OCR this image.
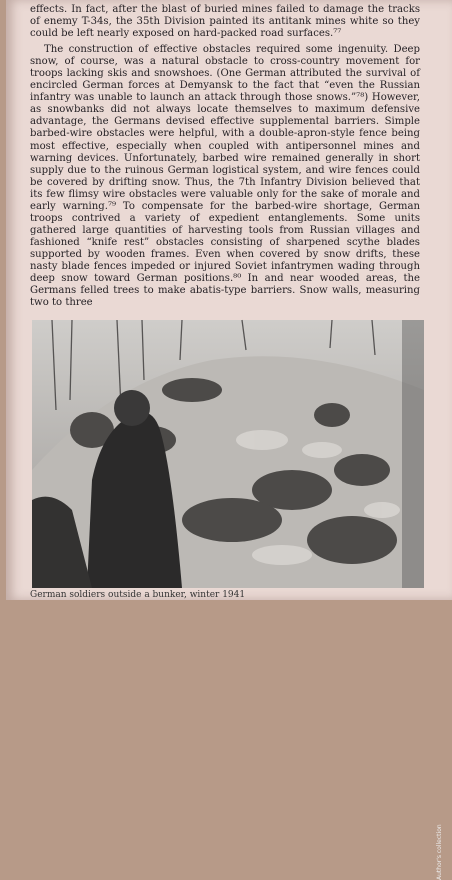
effects. In fact, after the blast of buried mines failed to damage the tracks of enemy T-34s, the 35th Division painted its antitank mines white so they could be left nearly exposed on hard-packed road surfaces.⁷⁷

The construction of effective obstacles required some ingenuity. Deep snow, of course, was a natural obstacle to cross-country movement for troops lacking skis and snowshoes. (One German attributed the survival of encircled German forces at Demyansk to the fact that “even the Russian infantry was unable to launch an attack through those snows.”⁷⁸) However, as snowbanks did not always locate themselves to maximum defensive advantage, the Germans devised effective supplemental barriers. Simple barbed-wire obstacles were helpful, with a double-apron-style fence being most effective, especially when coupled with antipersonnel mines and warning devices. Unfortunately, barbed wire remained generally in short supply due to the ruinous German logistical system, and wire fences could be covered by drifting snow. Thus, the 7th Infantry Division believed that its few flimsy wire obstacles were valuable only for the sake of morale and early warning.⁷⁹ To compensate for the barbed-wire shortage, German troops contrived a variety of expedient entanglements. Some units gathered large quantities of harvesting tools from Russian villages and fashioned “knife rest” obstacles consisting of sharpened scythe blades supported by wooden frames. Even when covered by snow drifts, these nasty blade fences impeded or injured Soviet infantrymen wading through deep snow toward German positions.⁸⁰ In and near wooded areas, the Germans felled trees to make abatis-type barriers. Snow walls, measuring two to three

Author's collection
German soldiers outside a bunker, winter 1941
